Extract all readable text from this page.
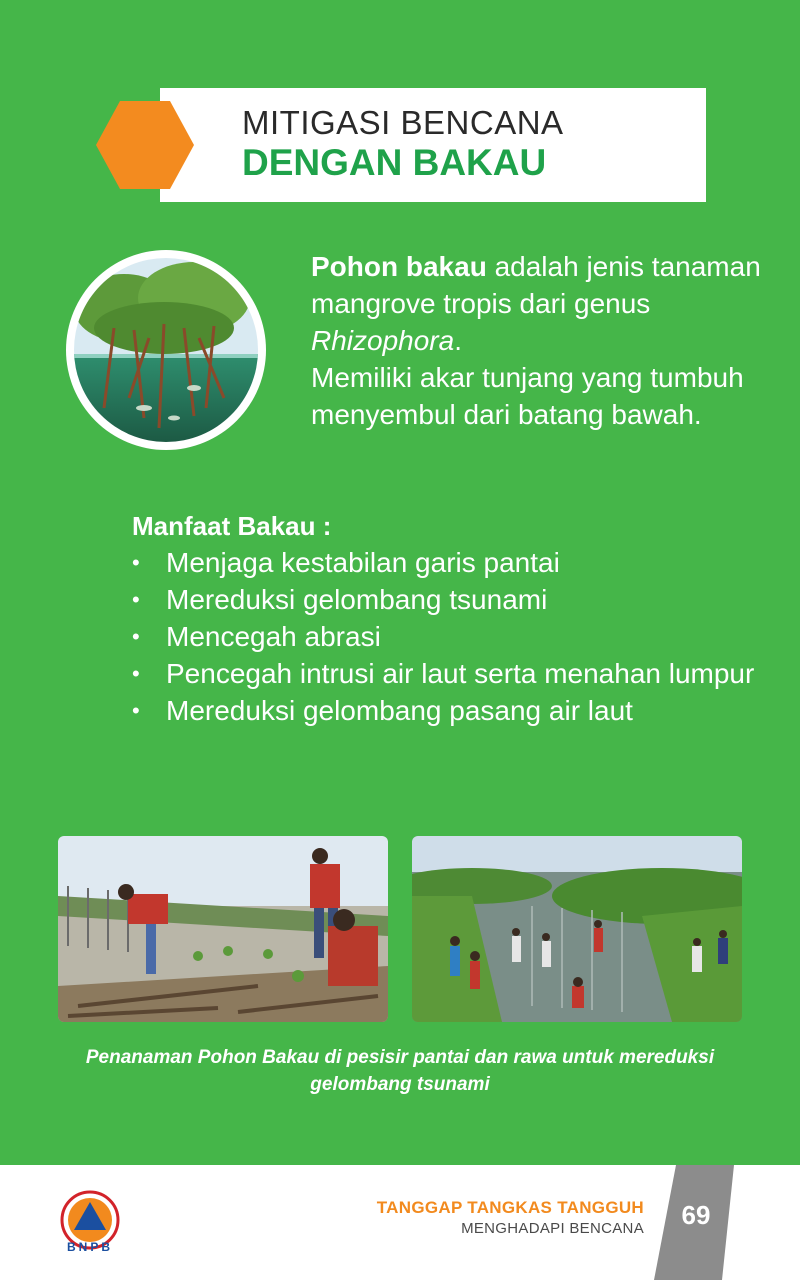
MITIGASI BENCANA
DENGAN BAKAU

Pohon bakau adalah jenis tanaman mangrove tropis dari genus Rhizophora.

Memiliki akar tunjang yang tumbuh menyembul dari batang bawah.

Manfaat Bakau :
• Menjaga kestabilan garis pantai
• Mereduksi gelombang tsunami
• Mencegah abrasi
• Pencegah intrusi air laut serta menahan lumpur
• Mereduksi gelombang pasang air laut
Penanaman Pohon Bakau di pesisir pantai dan rawa untuk mereduksi gelombang tsunami
BNPB
TANGGAP TANGKAS TANGGUH
MENGHADAPI BENCANA	69
